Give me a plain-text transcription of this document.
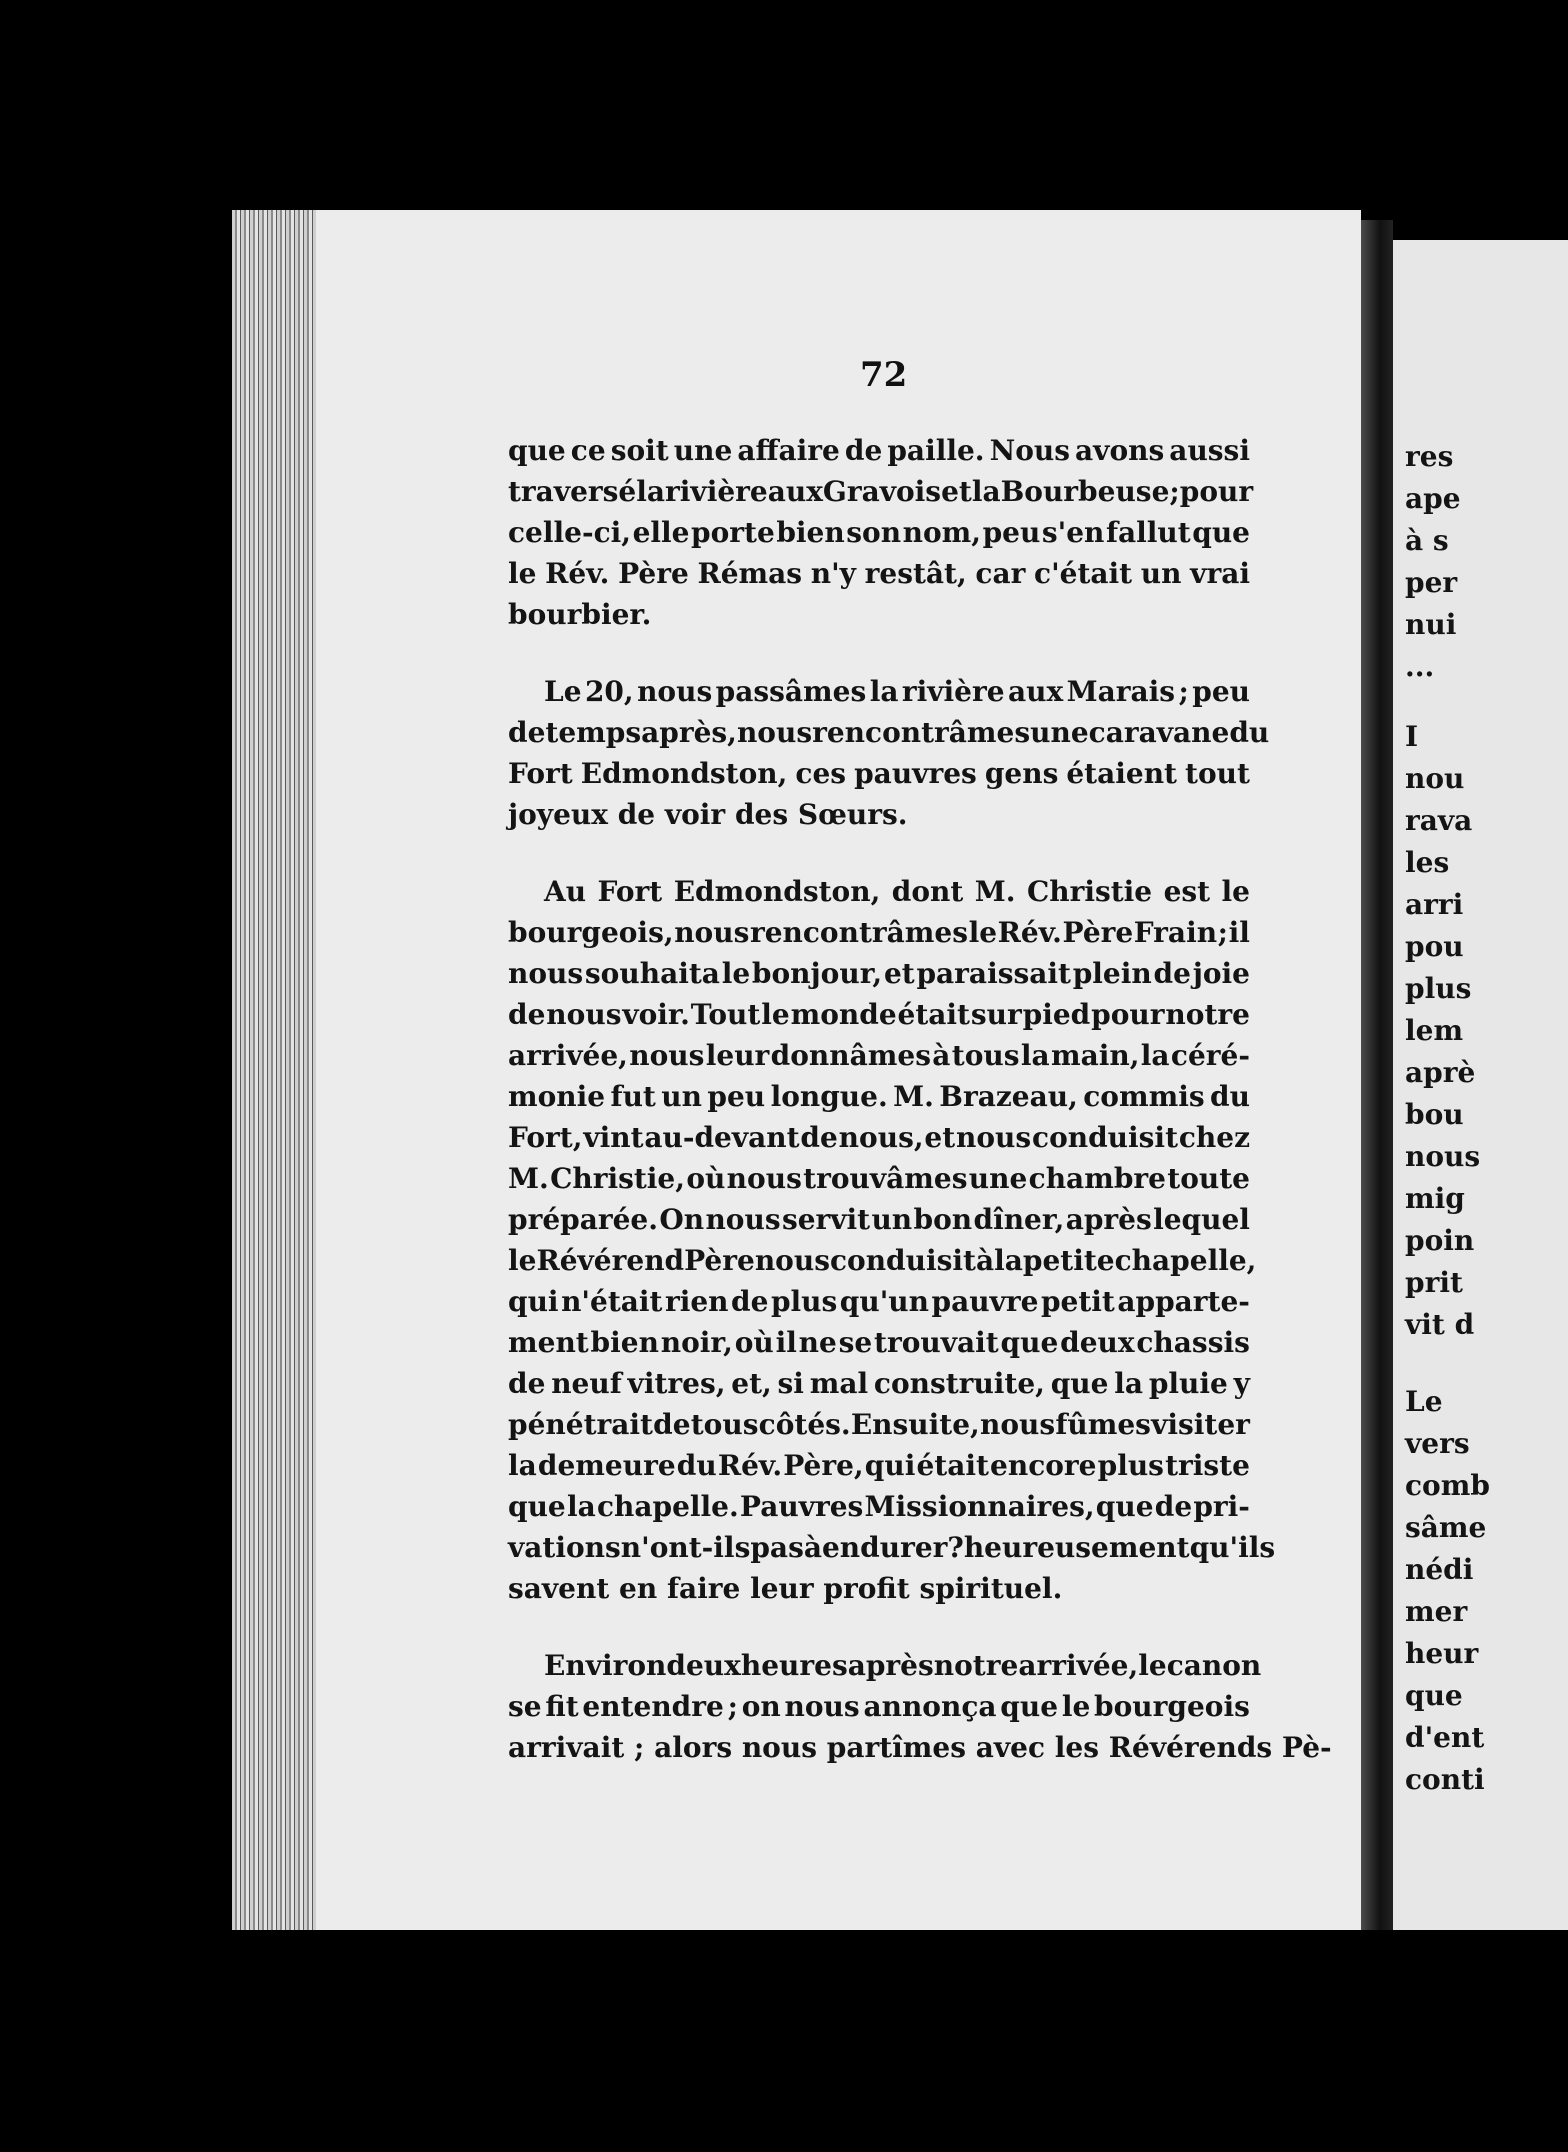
res
ape
à s
per
nui
...
I
nou
rava
les
arri
pou
plus
lem
aprè
bou
nous
mig
poin
prit
vit d
Le
vers
comb
sâme
nédi
mer
heur
que
d'ent
conti
72
que ce soit une affaire de paille. Nous avons aussi
traversé la rivière aux Gravois et la Bourbeuse ; pour
celle-ci, elle porte bien son nom, peu s'en fallut que
le Rév. Père Rémas n'y restât, car c'était un vrai
bourbier.
Le 20, nous passâmes la rivière aux Marais ; peu
de temps après, nous rencontrâmes une caravane du
Fort Edmondston, ces pauvres gens étaient tout
joyeux de voir des Sœurs.
Au Fort Edmondston, dont M. Christie est le
bourgeois, nous rencontrâmes le Rév. Père Frain ; il
nous souhaita le bonjour, et paraissait plein de joie
de nous voir. Tout le monde était sur pied pour notre
arrivée, nous leur donnâmes à tous la main, la céré-
monie fut un peu longue. M. Brazeau, commis du
Fort, vint au-devant de nous, et nous conduisit chez
M. Christie, où nous trouvâmes une chambre toute
préparée. On nous servit un bon dîner, après lequel
le Révérend Père nous conduisit à la petite chapelle,
qui n'était rien de plus qu'un pauvre petit apparte-
ment bien noir, où il ne se trouvait que deux chassis
de neuf vitres, et, si mal construite, que la pluie y
pénétrait de tous côtés. Ensuite, nous fûmes visiter
la demeure du Rév. Père, qui était encore plus triste
que la chapelle. Pauvres Missionnaires, que de pri-
vations n'ont-ils pas à endurer ? heureusement qu'ils
savent en faire leur profit spirituel.
Environ deux heures après notre arrivée, le canon
se fit entendre ; on nous annonça que le bourgeois
arrivait ; alors nous partîmes avec les Révérends Pè-
